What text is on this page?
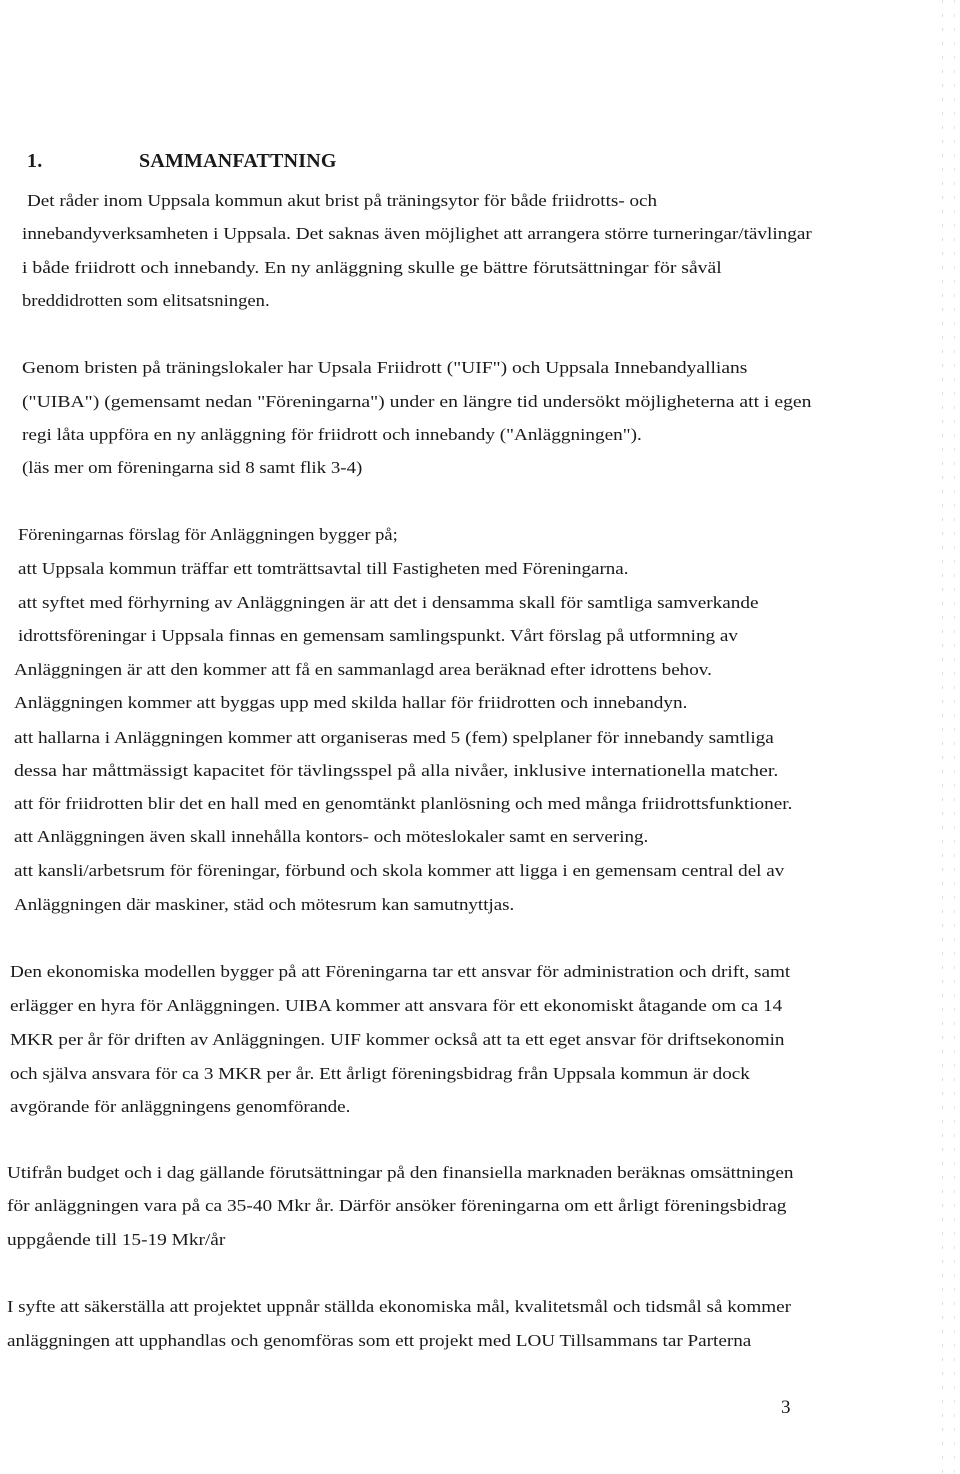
1.	SAMMANFATTNING
Det råder inom Uppsala kommun akut brist på träningsytor för både friidrotts- och
innebandyverksamheten i Uppsala. Det saknas även möjlighet att arrangera större turneringar/tävlingar
i både friidrott och innebandy. En ny anläggning skulle ge bättre förutsättningar för såväl
breddidrotten som elitsatsningen.
Genom bristen på träningslokaler har Upsala Friidrott ("UIF") och Uppsala Innebandyallians
("UIBA") (gemensamt nedan "Föreningarna") under en längre tid undersökt möjligheterna att i egen
regi låta uppföra en ny anläggning för friidrott och innebandy ("Anläggningen").
(läs mer om föreningarna sid 8 samt flik 3-4)
Föreningarnas förslag för Anläggningen bygger på;
att Uppsala kommun träffar ett tomträttsavtal till Fastigheten med Föreningarna.
att syftet med förhyrning av Anläggningen är att det i densamma skall för samtliga samverkande
idrottsföreningar i Uppsala finnas en gemensam samlingspunkt. Vårt förslag på utformning av
Anläggningen är att den kommer att få en sammanlagd area beräknad efter idrottens behov.
Anläggningen kommer att byggas upp med skilda hallar för friidrotten och innebandyn.
att hallarna i Anläggningen kommer att organiseras med 5 (fem) spelplaner för innebandy samtliga
dessa har måttmässigt kapacitet för tävlingsspel på alla nivåer, inklusive internationella matcher.
att för friidrotten blir det en hall med en genomtänkt planlösning och med många friidrottsfunktioner.
att Anläggningen även skall innehålla kontors- och möteslokaler samt en servering.
att kansli/arbetsrum för föreningar, förbund och skola kommer att ligga i en gemensam central del av
Anläggningen där maskiner, städ och mötesrum kan samutnyttjas.
Den ekonomiska modellen bygger på att Föreningarna tar ett ansvar för administration och drift, samt
erlägger en hyra för Anläggningen. UIBA kommer att ansvara för ett ekonomiskt åtagande om ca 14
MKR per år för driften av Anläggningen. UIF kommer också att ta ett eget ansvar för driftsekonomin
och själva ansvara för ca 3 MKR per år. Ett årligt föreningsbidrag från Uppsala kommun är dock
avgörande för anläggningens genomförande.
Utifrån budget och i dag gällande förutsättningar på den finansiella marknaden beräknas omsättningen
för anläggningen vara på ca 35-40 Mkr år. Därför ansöker föreningarna om ett årligt föreningsbidrag
uppgående till 15-19 Mkr/år
I syfte att säkerställa att projektet uppnår ställda ekonomiska mål, kvalitetsmål och tidsmål så kommer
anläggningen att upphandlas och genomföras som ett projekt med LOU Tillsammans tar Parterna
3
